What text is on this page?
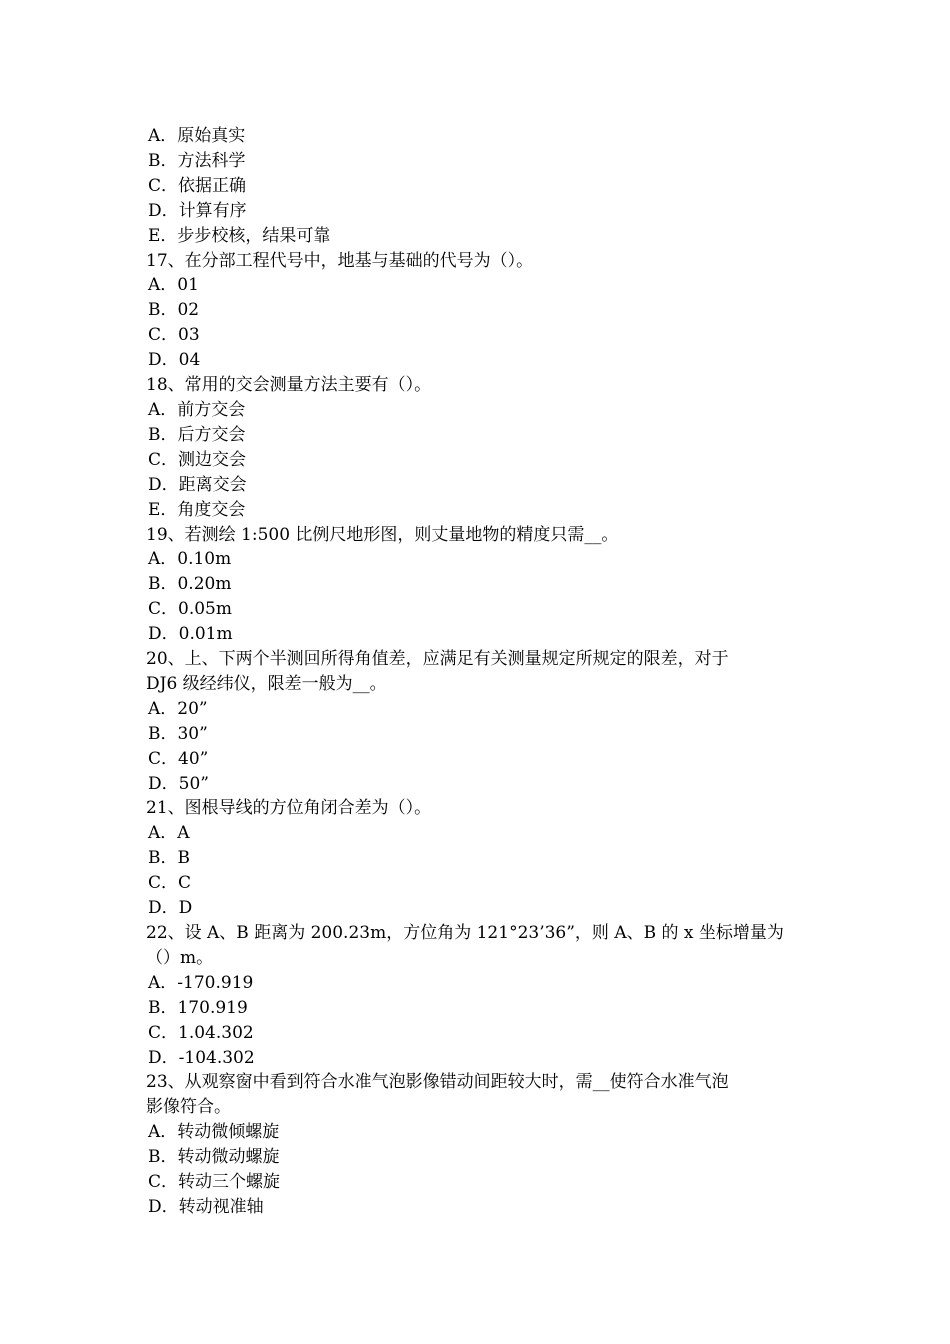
A．原始真实
B．方法科学
C．依据正确
D．计算有序
E．步步校核，结果可靠
17、在分部工程代号中，地基与基础的代号为（）。
A．01
B．02
C．03
D．04
18、常用的交会测量方法主要有（）。
A．前方交会
B．后方交会
C．测边交会
D．距离交会
E．角度交会
19、若测绘 1:500 比例尺地形图，则丈量地物的精度只需__。
A．0.10m
B．0.20m
C．0.05m
D．0.01m
20、上、下两个半测回所得角值差，应满足有关测量规定所规定的限差，对于
DJ6 级经纬仪，限差一般为__。
A．20”
B．30”
C．40”
D．50”
21、图根导线的方位角闭合差为（）。
A．A
B．B
C．C
D．D
22、设 A、B 距离为 200.23m，方位角为 121°23’36”，则 A、B 的 x 坐标增量为
（）m。
A．-170.919
B．170.919
C．1.04.302
D．-104.302
23、从观察窗中看到符合水准气泡影像错动间距较大时，需__使符合水准气泡
影像符合。
A．转动微倾螺旋
B．转动微动螺旋
C．转动三个螺旋
D．转动视准轴
